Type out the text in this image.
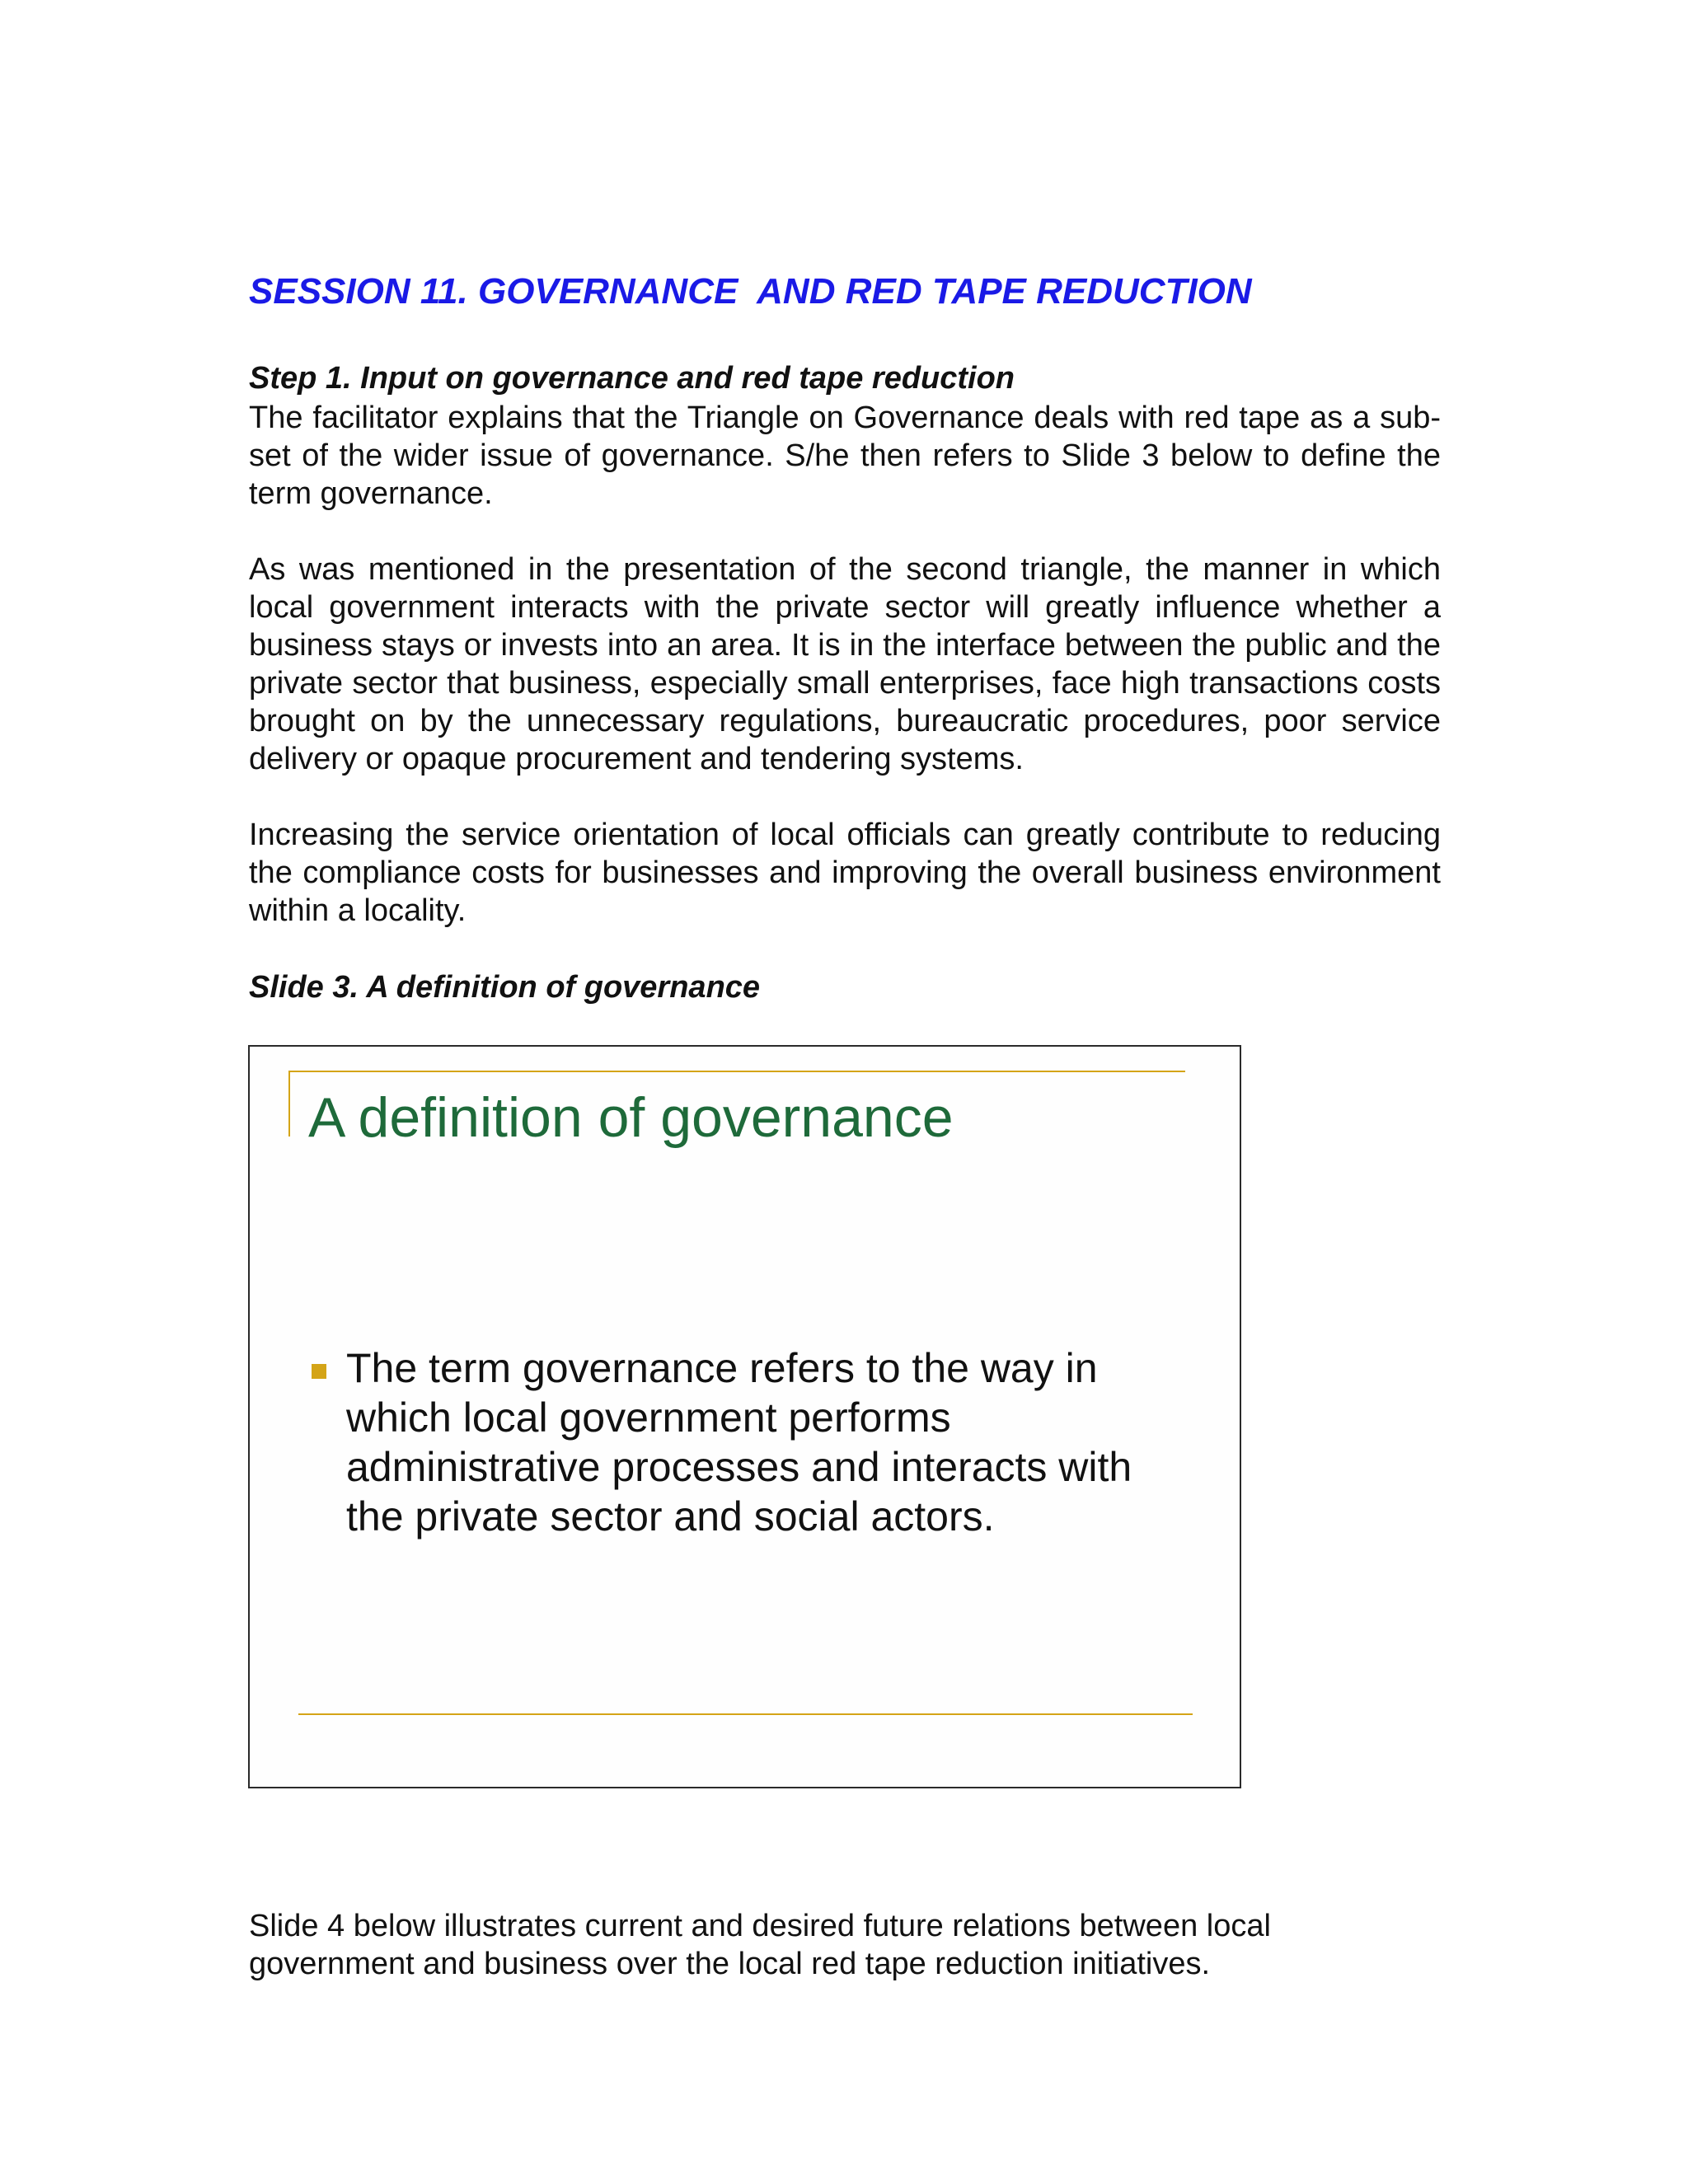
SESSION 11. GOVERNANCE  AND RED TAPE REDUCTION
Step 1. Input on governance and red tape reduction
The facilitator explains that the Triangle on Governance deals with red tape as a sub-set of the wider issue of governance. S/he then refers to Slide 3 below to define the term governance.
As was mentioned in the presentation of the second triangle, the manner in which local government interacts with the private sector will greatly influence whether a business stays or invests into an area. It is in the interface between the public and the private sector that business, especially small enterprises, face high transactions costs brought on by the unnecessary regulations, bureaucratic procedures, poor service delivery or opaque procurement and tendering systems.
Increasing the service orientation of local officials can greatly contribute to reducing the compliance costs for businesses and improving the overall business environment within a locality.
Slide 3. A definition of governance
A definition of governance
The term governance refers to the way in which local government performs administrative processes and interacts with the private sector and social actors.
Slide 4 below illustrates current and desired future relations between local government and business over the local red tape reduction initiatives.
